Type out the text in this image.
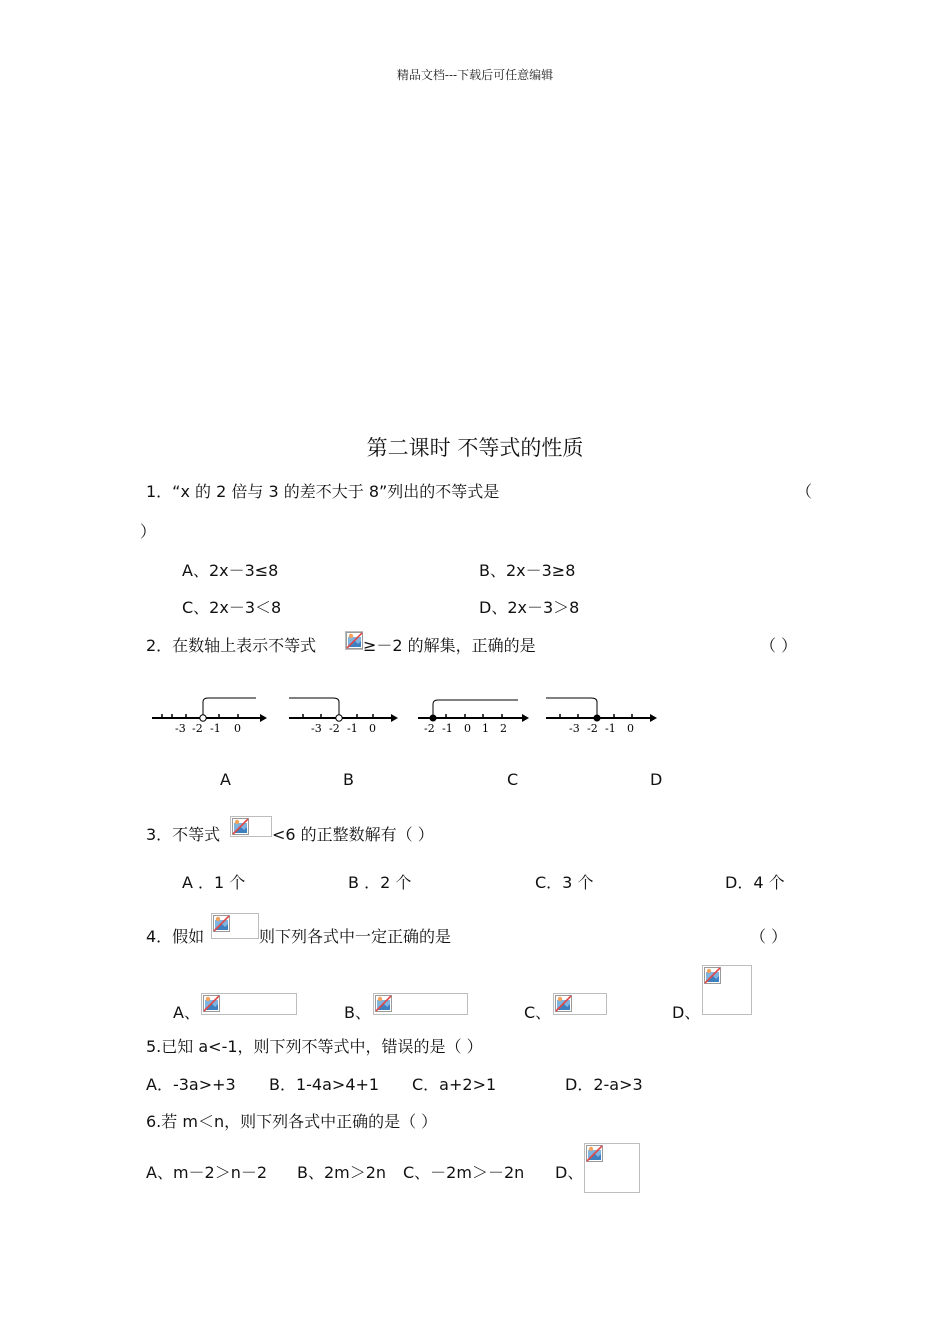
精品文档---下载后可任意编辑
第二课时 不等式的性质
1．“x 的 2 倍与 3 的差不大于 8”列出的不等式是	（
）
A、2x－3≤8	B、2x－3≥8
C、2x－3＜8	D、2x－3＞8
2．在数轴上表示不等式	≥－2 的解集，正确的是	（ ）
-3 -2 -1 0	-3 -2 -1 0	-2 -1 0 1 2	-3 -2 -1 0
A	B	C	D
3．不等式	<6 的正整数解有（ ）
A ．1 个	B ．2 个	C．3 个	D．4 个
4．假如	则下列各式中一定正确的是	（ ）
A、	B、	C、	D、
5.已知 a<-1，则下列不等式中，错误的是（ ）
A．-3a>+3 B．1-4a>4+1 C．a+2>1	D．2-a>3
6.若 m＜n，则下列各式中正确的是（ ）
A、m－2＞n－2 B、2m＞2n C、－2m＞－2n D、
